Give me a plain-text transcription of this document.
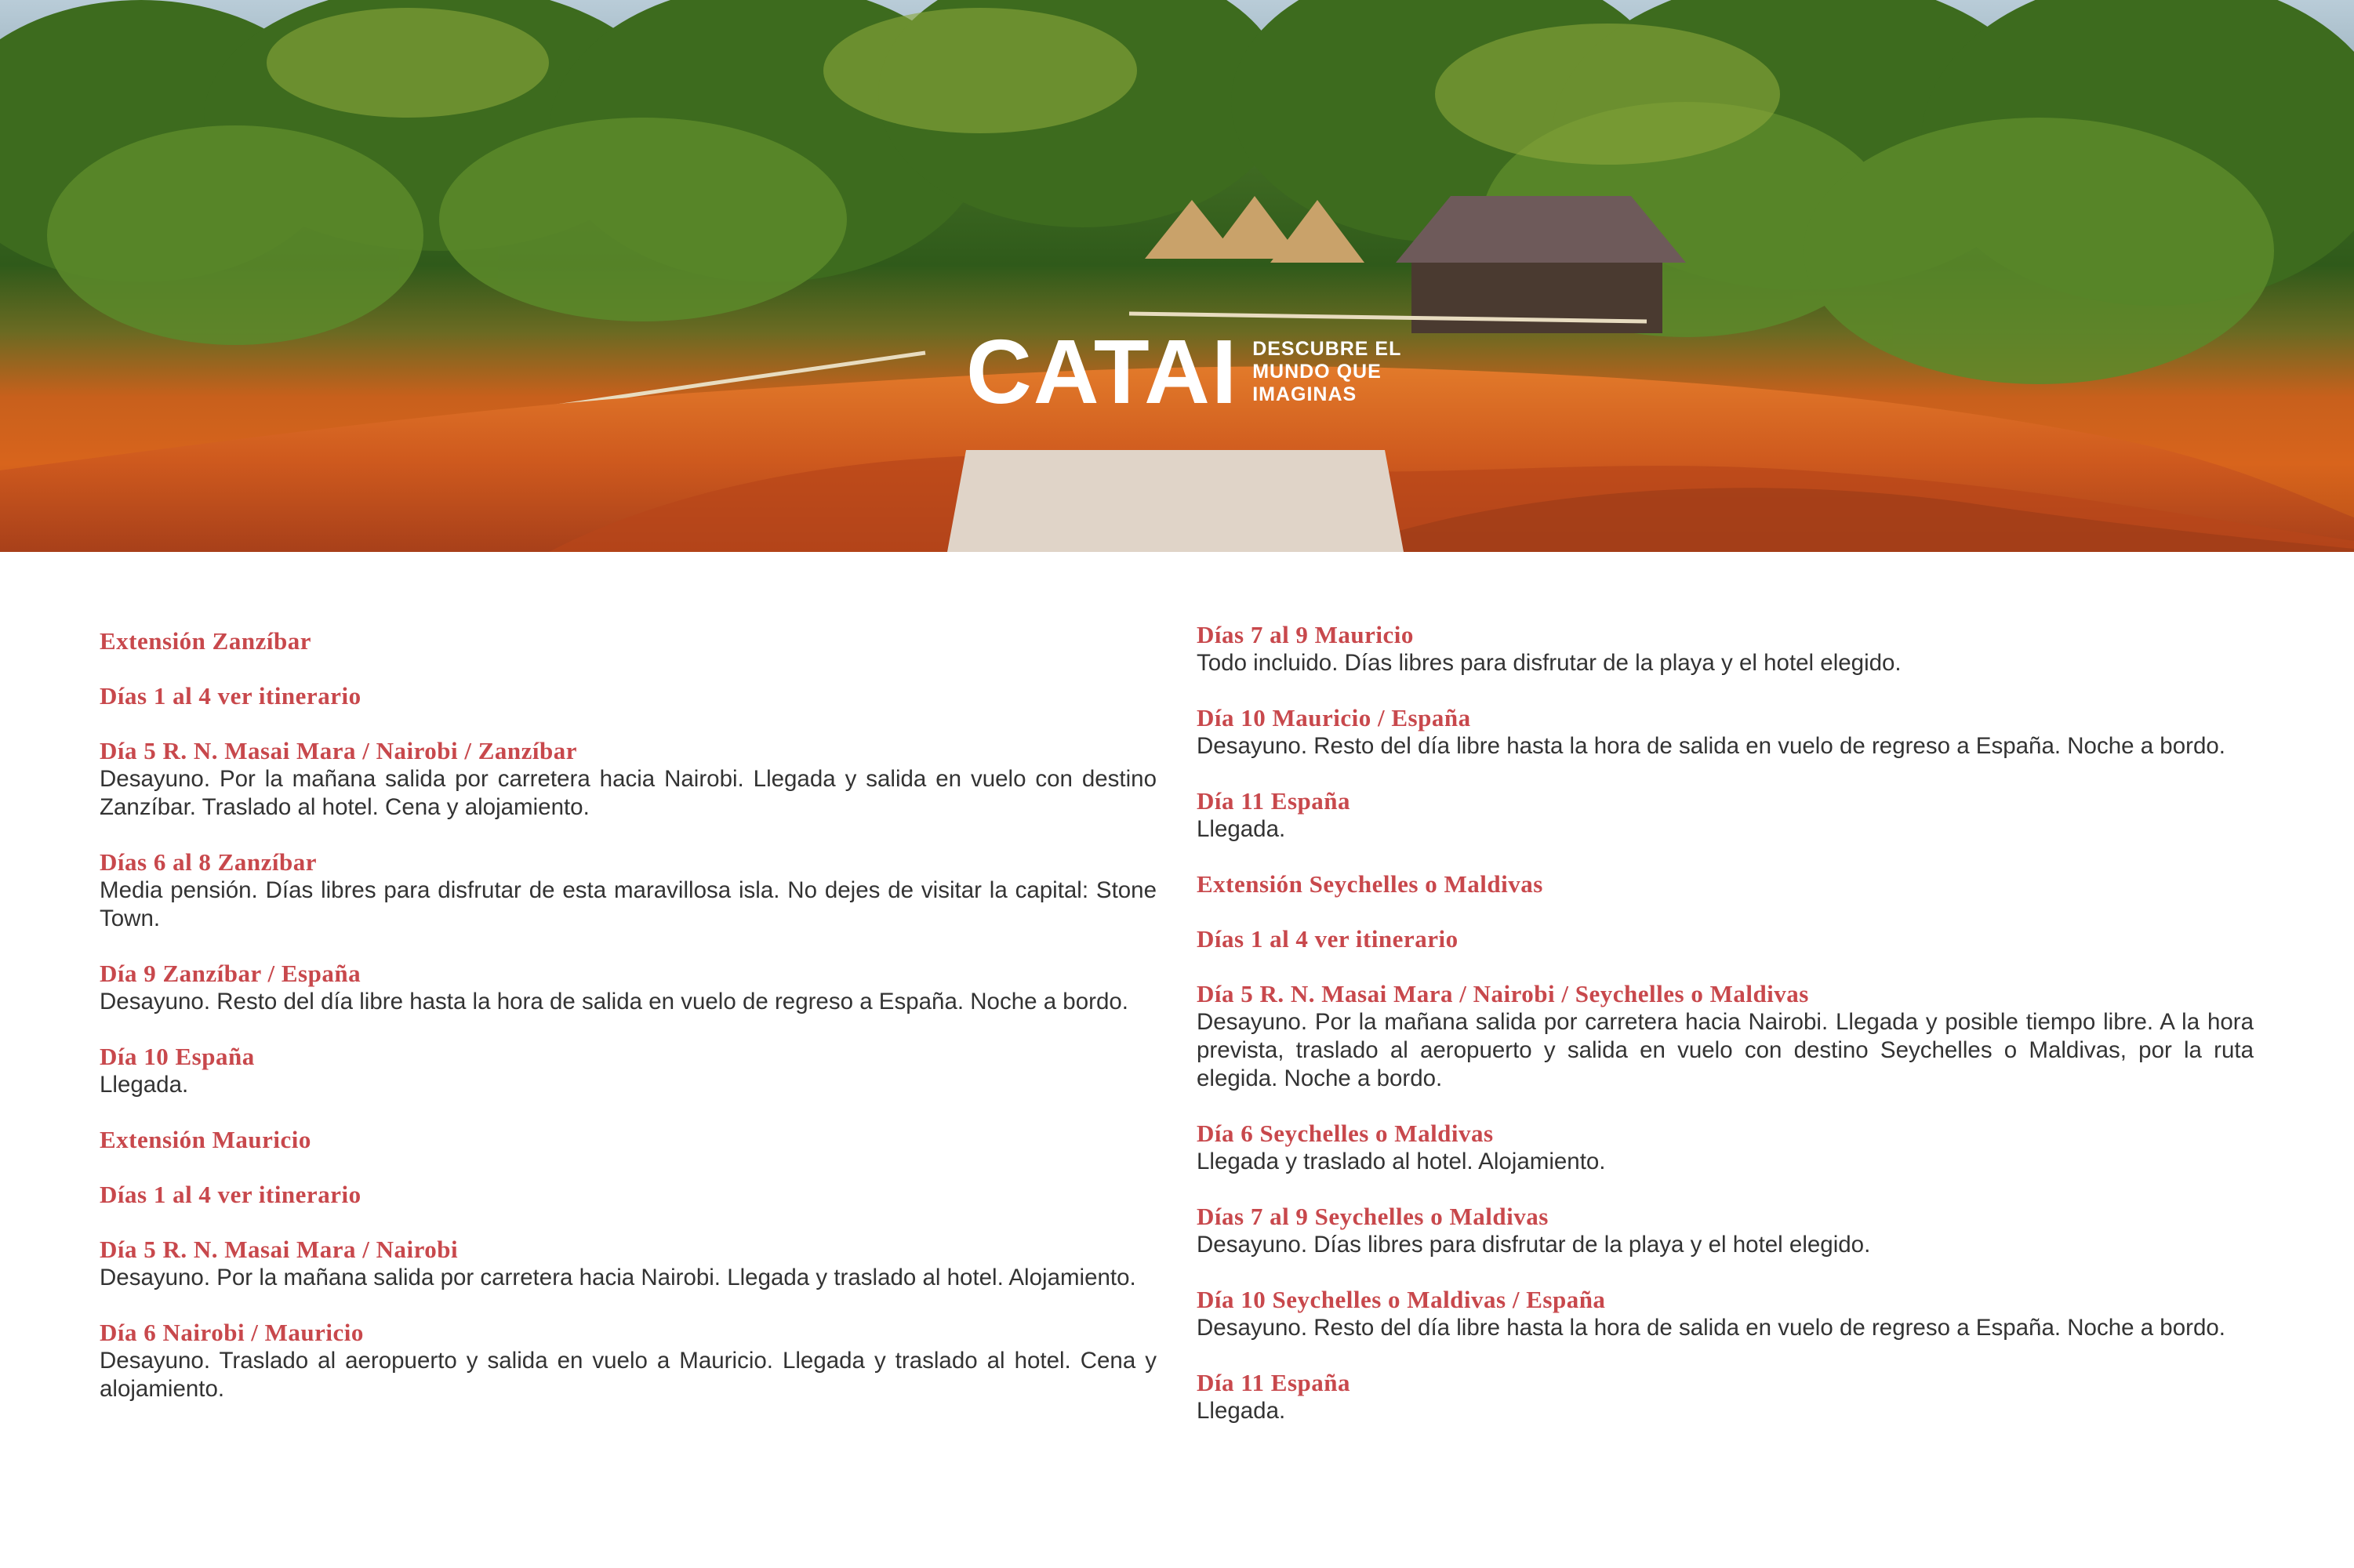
CATAI DESCUBRE EL
MUNDO QUE
IMAGINAS

Extensión Zanzíbar

Días 1 al 4 ver itinerario

Día 5 R. N. Masai Mara / Nairobi / Zanzíbar

Desayuno. Por la mañana salida por carretera hacia Nairobi. Llegada y salida en vuelo con destino Zanzíbar. Traslado al hotel. Cena y alojamiento.

Días 6 al 8 Zanzíbar

Media pensión. Días libres para disfrutar de esta maravillosa isla. No dejes de visitar la capital: Stone Town.

Día 9 Zanzíbar / España

Desayuno. Resto del día libre hasta la hora de salida en vuelo de regreso a España. Noche a bordo.

Día 10 España

Llegada.

Extensión Mauricio

Días 1 al 4 ver itinerario

Día 5 R. N. Masai Mara / Nairobi

Desayuno. Por la mañana salida por carretera hacia Nairobi. Llegada y traslado al hotel. Alojamiento.

Día 6 Nairobi / Mauricio

Desayuno. Traslado al aeropuerto y salida en vuelo a Mauricio. Llegada y traslado al hotel. Cena y alojamiento.

Días 7 al 9 Mauricio

Todo incluido. Días libres para disfrutar de la playa y el hotel elegido.

Día 10 Mauricio / España

Desayuno. Resto del día libre hasta la hora de salida en vuelo de regreso a España. Noche a bordo.

Día 11 España

Llegada.

Extensión Seychelles o Maldivas

Días 1 al 4 ver itinerario

Día 5 R. N. Masai Mara / Nairobi / Seychelles o Maldivas

Desayuno. Por la mañana salida por carretera hacia Nairobi. Llegada y posible tiempo libre. A la hora prevista, traslado al aeropuerto y salida en vuelo con destino Seychelles o Maldivas, por la ruta elegida. Noche a bordo.

Día 6 Seychelles o Maldivas

Llegada y traslado al hotel. Alojamiento.

Días 7 al 9 Seychelles o Maldivas

Desayuno. Días libres para disfrutar de la playa y el hotel elegido.

Día 10 Seychelles o Maldivas / España

Desayuno. Resto del día libre hasta la hora de salida en vuelo de regreso a España. Noche a bordo.

Día 11 España

Llegada.
